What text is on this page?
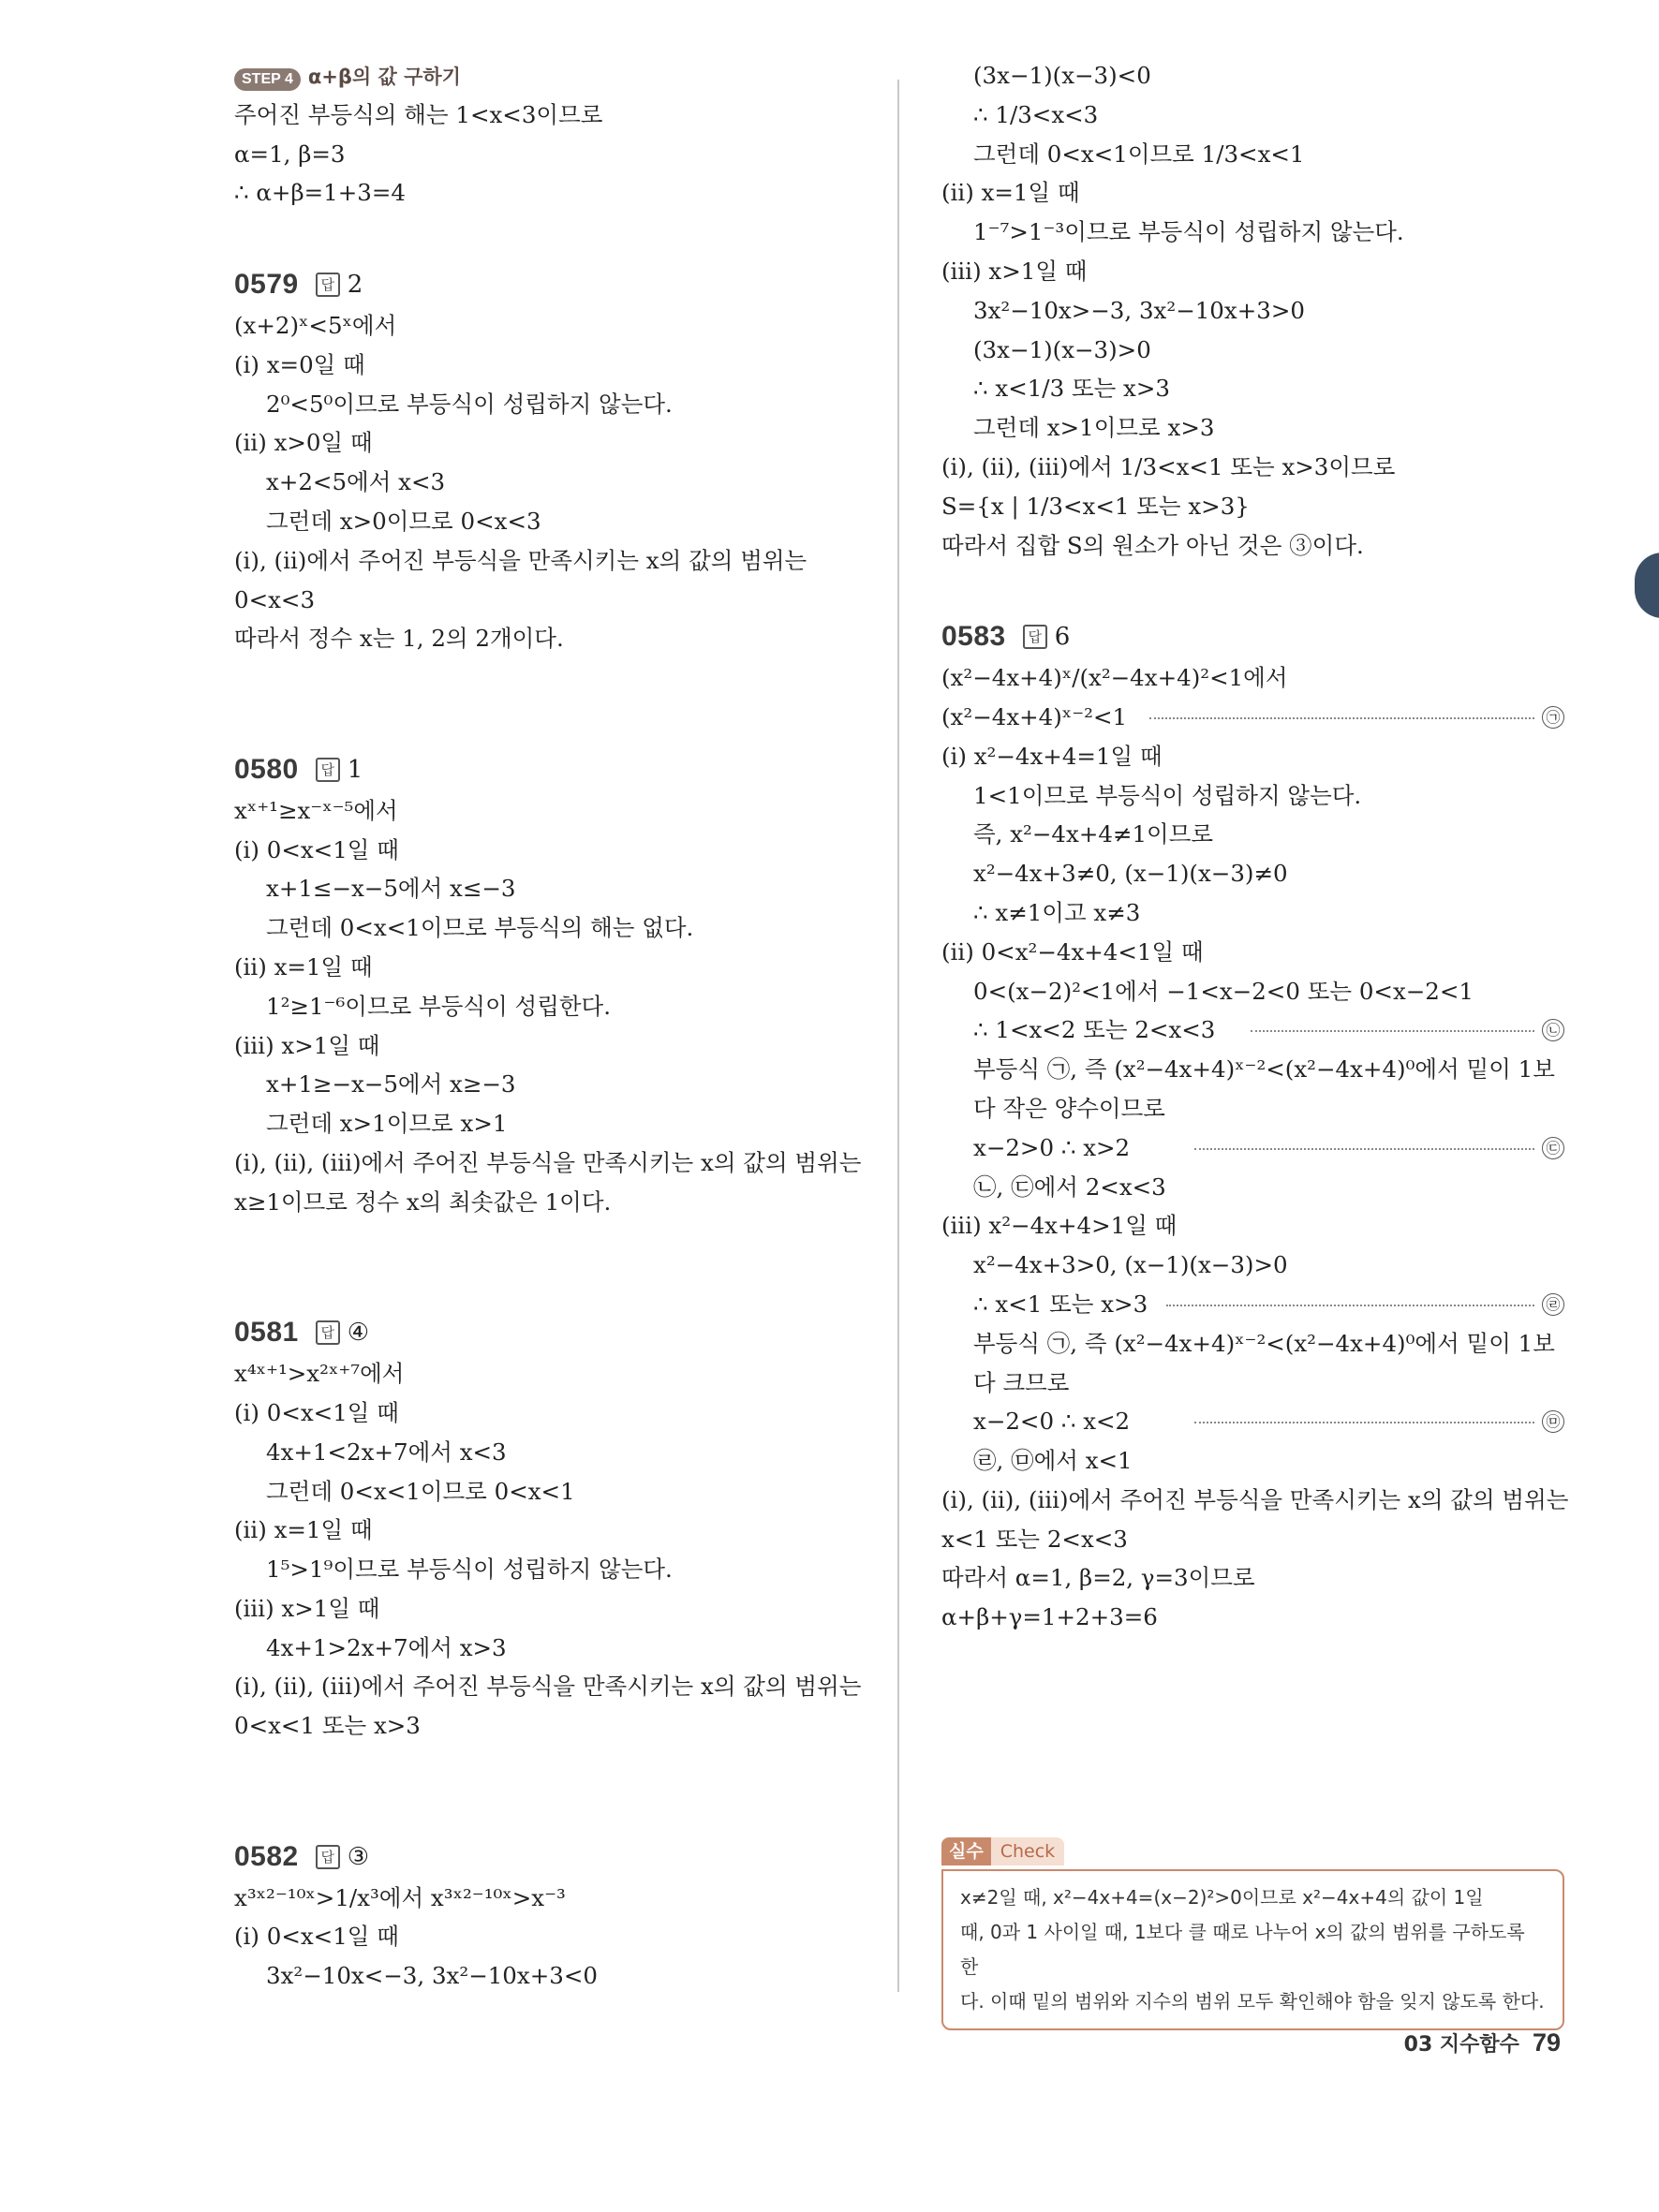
STEP 4 α+β의 값 구하기
주어진 부등식의 해는 1<x<3이므로
α=1, β=3
∴ α+β=1+3=4
0579	답 2
(x+2)ˣ<5ˣ에서
(ⅰ) x=0일 때
2⁰<5⁰이므로 부등식이 성립하지 않는다.
(ⅱ) x>0일 때
x+2<5에서 x<3
그런데 x>0이므로 0<x<3
(ⅰ), (ⅱ)에서 주어진 부등식을 만족시키는 x의 값의 범위는
0<x<3
따라서 정수 x는 1, 2의 2개이다.
0580	답 1
xˣ⁺¹≥x⁻ˣ⁻⁵에서
(ⅰ) 0<x<1일 때
x+1≤−x−5에서 x≤−3
그런데 0<x<1이므로 부등식의 해는 없다.
(ⅱ) x=1일 때
1²≥1⁻⁶이므로 부등식이 성립한다.
(ⅲ) x>1일 때
x+1≥−x−5에서 x≥−3
그런데 x>1이므로 x>1
(ⅰ), (ⅱ), (ⅲ)에서 주어진 부등식을 만족시키는 x의 값의 범위는
x≥1이므로 정수 x의 최솟값은 1이다.
0581	답 ④
x⁴ˣ⁺¹>x²ˣ⁺⁷에서
(ⅰ) 0<x<1일 때
4x+1<2x+7에서 x<3
그런데 0<x<1이므로 0<x<1
(ⅱ) x=1일 때
1⁵>1⁹이므로 부등식이 성립하지 않는다.
(ⅲ) x>1일 때
4x+1>2x+7에서 x>3
(ⅰ), (ⅱ), (ⅲ)에서 주어진 부등식을 만족시키는 x의 값의 범위는
0<x<1 또는 x>3
0582	답 ③
x³ˣ²⁻¹⁰ˣ>1/x³에서 x³ˣ²⁻¹⁰ˣ>x⁻³
(ⅰ) 0<x<1일 때
3x²−10x<−3, 3x²−10x+3<0
(3x−1)(x−3)<0
∴ 1/3<x<3
그런데 0<x<1이므로 1/3<x<1
(ⅱ) x=1일 때
1⁻⁷>1⁻³이므로 부등식이 성립하지 않는다.
(ⅲ) x>1일 때
3x²−10x>−3, 3x²−10x+3>0
(3x−1)(x−3)>0
∴ x<1/3 또는 x>3
그런데 x>1이므로 x>3
(ⅰ), (ⅱ), (ⅲ)에서 1/3<x<1 또는 x>3이므로
S={x | 1/3<x<1 또는 x>3}
따라서 집합 S의 원소가 아닌 것은 ③이다.
0583	답 6
(x²−4x+4)ˣ/(x²−4x+4)²<1에서
(x²−4x+4)ˣ⁻²<1	㉠
(ⅰ) x²−4x+4=1일 때
1<1이므로 부등식이 성립하지 않는다.
즉, x²−4x+4≠1이므로
x²−4x+3≠0, (x−1)(x−3)≠0
∴ x≠1이고 x≠3
(ⅱ) 0<x²−4x+4<1일 때
0<(x−2)²<1에서 −1<x−2<0 또는 0<x−2<1
∴ 1<x<2 또는 2<x<3	㉡
부등식 ㉠, 즉 (x²−4x+4)ˣ⁻²<(x²−4x+4)⁰에서 밑이 1보
다 작은 양수이므로
x−2>0 ∴ x>2	㉢
㉡, ㉢에서 2<x<3
(ⅲ) x²−4x+4>1일 때
x²−4x+3>0, (x−1)(x−3)>0
∴ x<1 또는 x>3	㉣
부등식 ㉠, 즉 (x²−4x+4)ˣ⁻²<(x²−4x+4)⁰에서 밑이 1보
다 크므로
x−2<0 ∴ x<2	㉤
㉣, ㉤에서 x<1
(ⅰ), (ⅱ), (ⅲ)에서 주어진 부등식을 만족시키는 x의 값의 범위는
x<1 또는 2<x<3
따라서 α=1, β=2, γ=3이므로
α+β+γ=1+2+3=6
실수 Check
x≠2일 때, x²−4x+4=(x−2)²>0이므로 x²−4x+4의 값이 1일
때, 0과 1 사이일 때, 1보다 클 때로 나누어 x의 값의 범위를 구하도록 한
다. 이때 밑의 범위와 지수의 범위 모두 확인해야 함을 잊지 않도록 한다.
03 지수함수 79
